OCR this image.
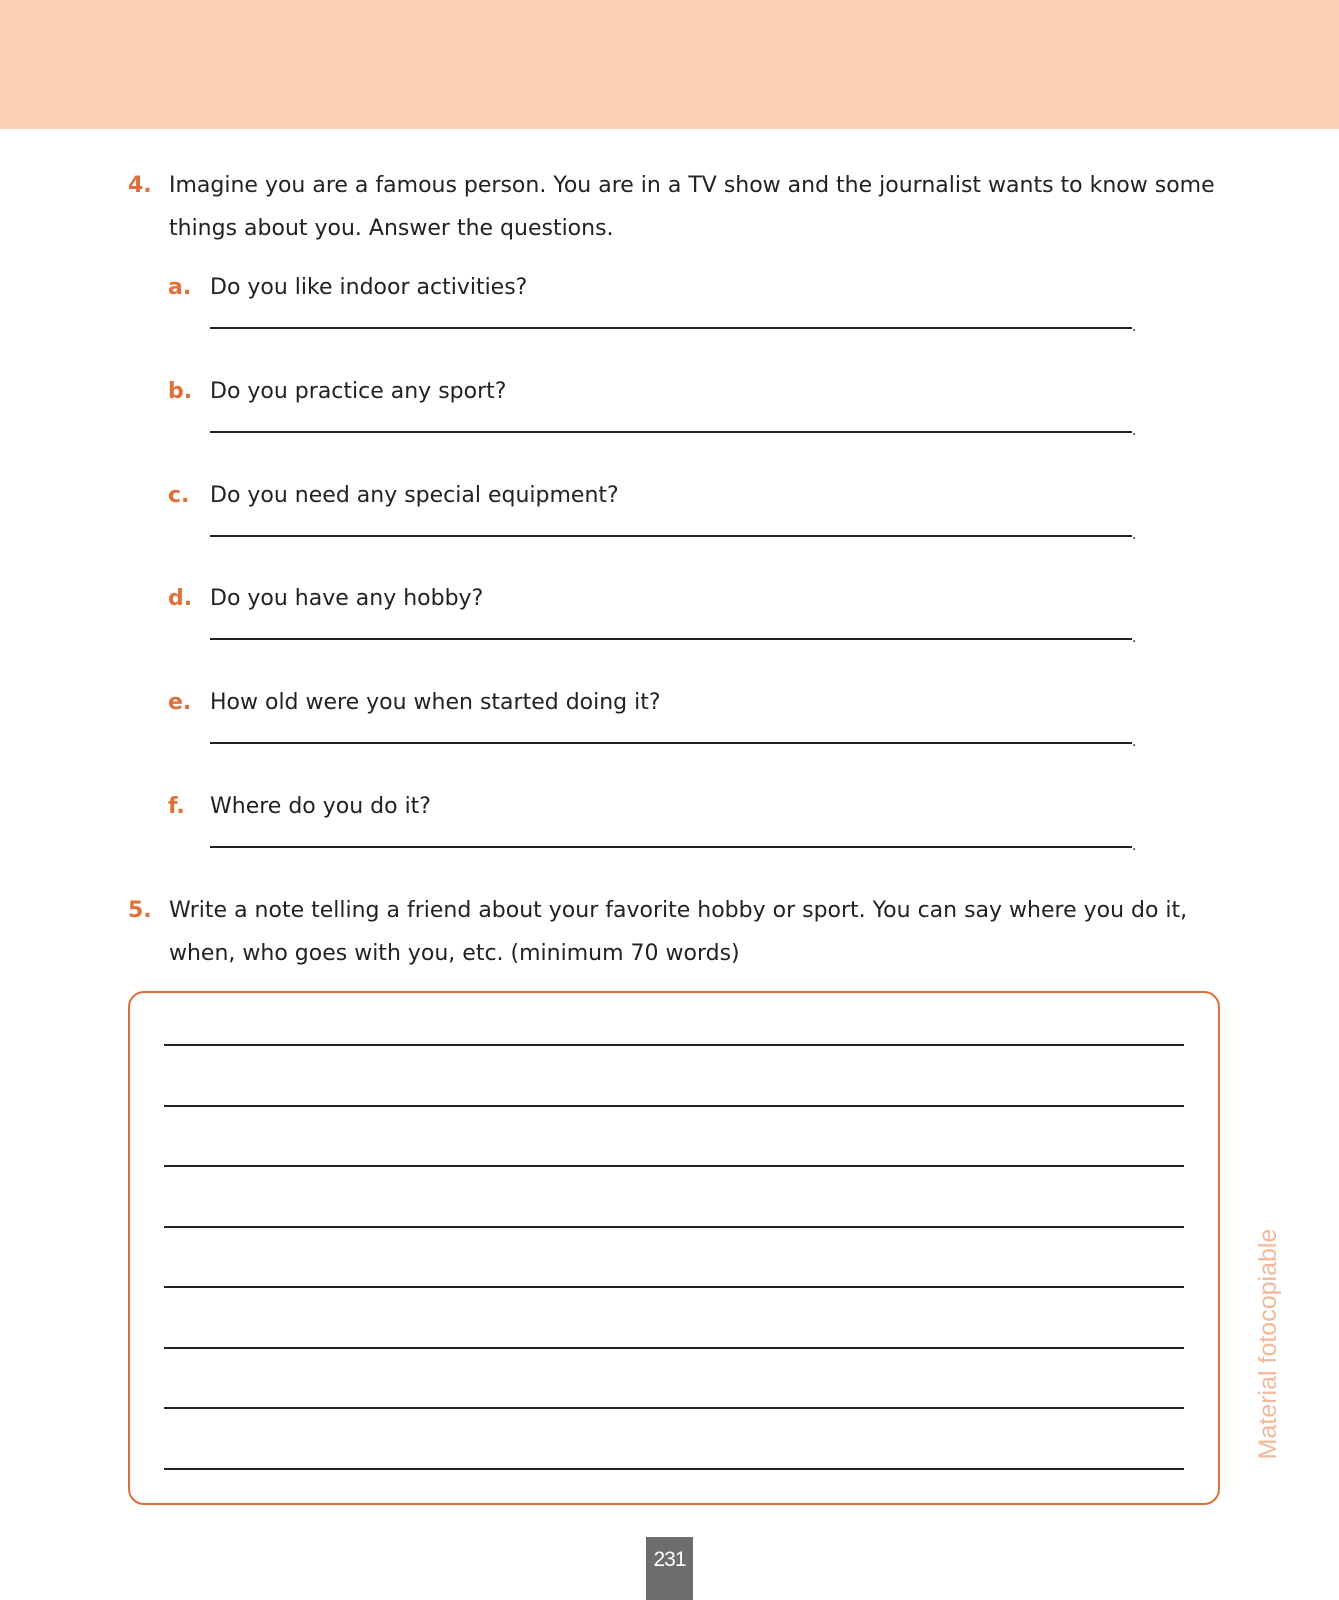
4. Imagine you are a famous person. You are in a TV show and the journalist wants to know some things about you. Answer the questions.
a. Do you like indoor activities?
.
b. Do you practice any sport?
.
c. Do you need any special equipment?
.
d. Do you have any hobby?
.
e. How old were you when started doing it?
.
f. Where do you do it?
.
5. Write a note telling a friend about your favorite hobby or sport. You can say where you do it, when, who goes with you, etc. (minimum 70 words)
Material fotocopiable
231
